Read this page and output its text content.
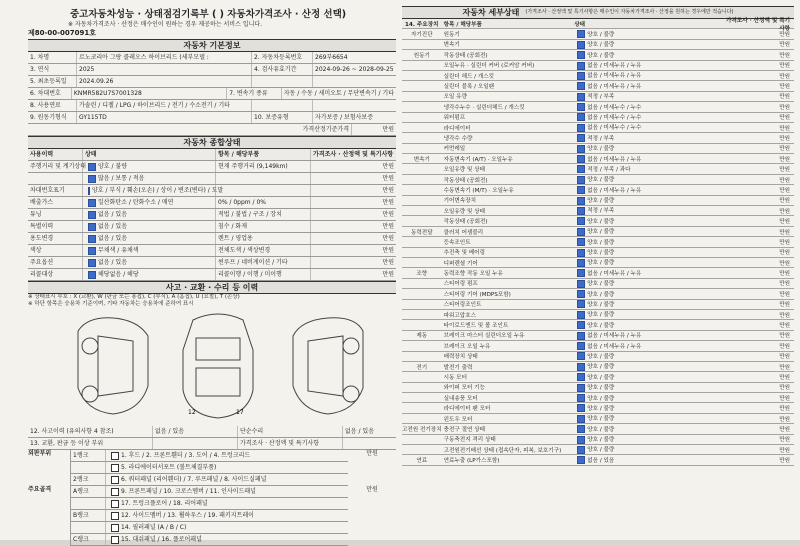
중고자동차성능 · 상태점검기록부 ( ) 자동차가격조사 · 산정 선택)
※ 자동차가격조사 · 산정은 매수인이 원하는 경우 제공하는 서비스 입니다.
제80-00-007091호
자동차 기본정보
1. 차명	르노코리아 그랑 콜레오스 하이브리드 (세부모델 :	2. 자동차등록번호	269부6654
3. 연식	2025	4. 검사유효기간	2024-09-26 ~ 2028-09-25
5. 최초등록일	2024.09.26
6. 차대번호	KNMR582U7S7001328	7. 변속기 종류	자동 / 수동 / 세미오토 / 무단변속기 / 기타
8. 사용연료	가솔린 / 디젤 / LPG / 하이브리드 / 전기 / 수소전기 / 기타
9. 원동기형식	GY115TD	10. 보증유형	자가보증 / 보험사보증
가격산정기준가격	만원
자동차 종합상태
사용이력	상태	항목 / 해당부품	가격조사 · 산정액 및 특기사항
주행거리 및 계기상태 양호 / 불량	현재 주행거리 (9,149km)	만원
많음 / 보통 / 적음	만원
차대번호표기	양호 / 부식 / 훼손(오손) / 상이 / 변조(변타) / 도말	만원
배출가스	일산화탄소 / 탄화수소 / 매연	0% / 0ppm / 0%	만원
튜닝	없음 / 있음	적법 / 불법 / 구조 / 장치	만원
특별이력	없음 / 있음	침수 / 화재	만원
용도변경	없음 / 있음	렌트 / 영업용	만원
색상	무채색 / 유채색	전체도색 / 색상변경	만원
주요옵션	없음 / 있음	썬루프 / 네비게이션 / 기타	만원
리콜대상	해당없음 / 해당	리콜이행 / 이행 / 미이행	만원
사고 · 교환 · 수리 등 이력
※ 상태표시 부호 : X (교환), W (판금 또는 용접), C (부식), A (흠집), U (요철), T (손상)
※ 하단 항목은 승용차 기준이며, 기타 자동차는 승용차에 준하여 표시
12	17
12. 사고이력 (유의사항 4 참조)	없음 / 있음	단순수리	없음 / 있음
13. 교환, 판금 등 이상 부위	가격조사 · 산정액 및 특기사항
외판부위	1랭크	1. 후드 / 2. 프론트휀더 / 3. 도어 / 4. 트렁크리드
5. 라디에이터서포트 (볼트체결부품)
2랭크	6. 쿼터패널 (리어휀더) / 7. 루프패널 / 8. 사이드실패널
만원
주요골격	A랭크	9. 프론트패널 / 10. 크로스멤버 / 11. 인사이드패널
17. 트렁크플로어 / 18. 리어패널
B랭크	12. 사이드멤버 / 13. 휠하우스 / 19. 패키지트레이
14. 필러패널 (A / B / C)
C랭크	15. 대쉬패널 / 16. 플로어패널
만원
자동차 세부상태 (가격조사 · 산정액 및 특기사항은 매수인이 자동차가격조사 · 산정을 원하는 경우에만 적습니다)
14. 주요장치 항목 / 해당부품	상태
가격조사 · 산정액 및 특기사항
자기진단	원동기	양호 / 불량	만원
변속기	양호 / 불량	만원
원동기	작동상태 (공회전)	양호 / 불량	만원
오일누유 · 실린더 커버 (로커암 커버)	없음 / 미세누유 / 누유	만원
실린더 헤드 / 개스킷	없음 / 미세누유 / 누유	만원
실린더 블록 / 오일팬	없음 / 미세누유 / 누유	만원
오일 유량	적정 / 부족	만원
냉각수누수 · 실린더헤드 / 개스킷	없음 / 미세누수 / 누수	만원
워터펌프	없음 / 미세누수 / 누수	만원
라디에이터	없음 / 미세누수 / 누수	만원
냉각수 수량	적정 / 부족	만원
커먼레일	양호 / 불량	만원
변속기	자동변속기 (A/T) · 오일누유	없음 / 미세누유 / 누유	만원
오일유량 및 상태	적정 / 부족 / 과다	만원
작동상태 (공회전)	양호 / 불량	만원
수동변속기 (M/T) · 오일누유	없음 / 미세누유 / 누유	만원
기어변속장치	양호 / 불량	만원
오일유량 및 상태	적정 / 부족	만원
작동상태 (공회전)	양호 / 불량	만원
동력전달	클러치 어셈블리	양호 / 불량	만원
등속조인트	양호 / 불량	만원
추진축 및 베어링	양호 / 불량	만원
디퍼렌셜 기어	양호 / 불량	만원
조향	동력조향 작동 오일 누유	없음 / 미세누유 / 누유	만원
스티어링 펌프	양호 / 불량	만원
스티어링 기어 (MDPS포함)	양호 / 불량	만원
스티어링조인트	양호 / 불량	만원
파워고압호스	양호 / 불량	만원
타이로드엔드 및 볼 조인트	양호 / 불량	만원
제동	브레이크 마스터 실린더오일 누유	없음 / 미세누유 / 누유	만원
브레이크 오일 누유	없음 / 미세누유 / 누유	만원
배력장치 상태	양호 / 불량	만원
전기	발전기 출력	양호 / 불량	만원
시동 모터	양호 / 불량	만원
와이퍼 모터 기능	양호 / 불량	만원
실내송풍 모터	양호 / 불량	만원
라디에이터 팬 모터	양호 / 불량	만원
윈도우 모터	양호 / 불량	만원
고전원 전기장치 충전구 절연 상태	양호 / 불량	만원
구동축전지 격리 상태	양호 / 불량	만원
고전원전기배선 상태 (접속단자, 피복, 보호기구)	양호 / 불량	만원
연료	연료누출 (LP가스포함)	없음 / 있음	만원
